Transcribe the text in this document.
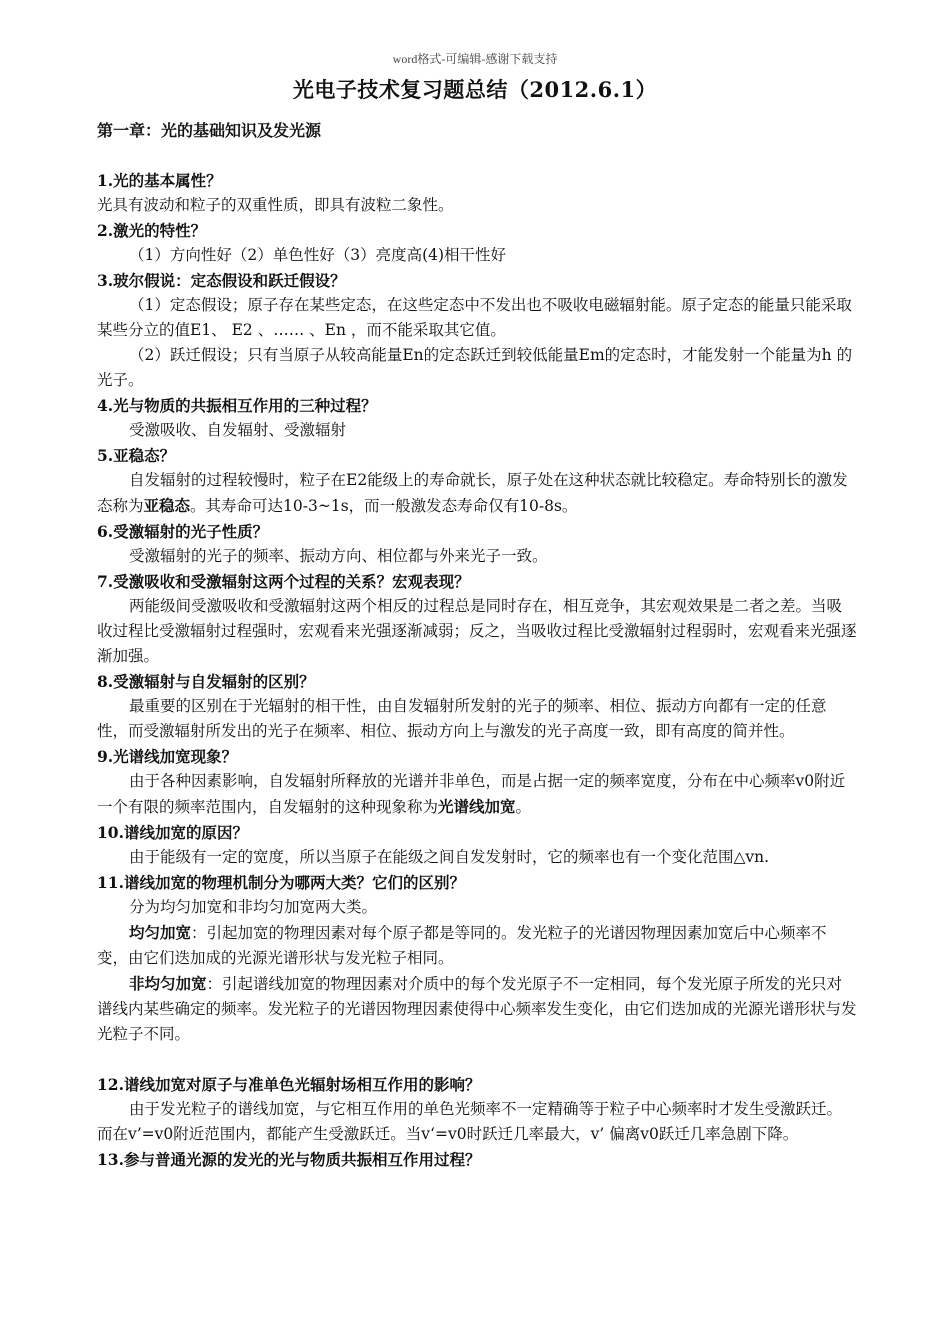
word格式-可编辑-感谢下载支持
光电子技术复习题总结（2012.6.1）
第一章：光的基础知识及发光源
1.光的基本属性？

光具有波动和粒子的双重性质，即具有波粒二象性。

2.激光的特性？

（1）方向性好（2）单色性好（3）亮度高(4)相干性好

3.玻尔假说：定态假设和跃迁假设？

（1）定态假设；原子存在某些定态，在这些定态中不发出也不吸收电磁辐射能。原子定态的能量只能采取某些分立的值E1、 E2 、…… 、En ，而不能采取其它值。

（2）跃迁假设；只有当原子从较高能量En的定态跃迁到较低能量Em的定态时，才能发射一个能量为h 的光子。

4.光与物质的共振相互作用的三种过程？

受激吸收、自发辐射、受激辐射

5.亚稳态？

自发辐射的过程较慢时，粒子在E2能级上的寿命就长，原子处在这种状态就比较稳定。寿命特别长的激发态称为亚稳态。其寿命可达10-3~1s，而一般激发态寿命仅有10-8s。

6.受激辐射的光子性质？

受激辐射的光子的频率、振动方向、相位都与外来光子一致。

7.受激吸收和受激辐射这两个过程的关系？宏观表现？

两能级间受激吸收和受激辐射这两个相反的过程总是同时存在，相互竞争，其宏观效果是二者之差。当吸收过程比受激辐射过程强时，宏观看来光强逐渐减弱；反之，当吸收过程比受激辐射过程弱时，宏观看来光强逐渐加强。

8.受激辐射与自发辐射的区别？

最重要的区别在于光辐射的相干性，由自发辐射所发射的光子的频率、相位、振动方向都有一定的任意性，而受激辐射所发出的光子在频率、相位、振动方向上与激发的光子高度一致，即有高度的简并性。

9.光谱线加宽现象？

由于各种因素影响，自发辐射所释放的光谱并非单色，而是占据一定的频率宽度，分布在中心频率v0附近一个有限的频率范围内，自发辐射的这种现象称为光谱线加宽。

10.谱线加宽的原因？

由于能级有一定的宽度，所以当原子在能级之间自发发射时，它的频率也有一个变化范围△vn.

11.谱线加宽的物理机制分为哪两大类？它们的区别？

分为均匀加宽和非均匀加宽两大类。

均匀加宽：引起加宽的物理因素对每个原子都是等同的。发光粒子的光谱因物理因素加宽后中心频率不变，由它们迭加成的光源光谱形状与发光粒子相同。

非均匀加宽：引起谱线加宽的物理因素对介质中的每个发光原子不一定相同，每个发光原子所发的光只对谱线内某些确定的频率。发光粒子的光谱因物理因素使得中心频率发生变化，由它们迭加成的光源光谱形状与发光粒子不同。

12.谱线加宽对原子与准单色光辐射场相互作用的影响？

由于发光粒子的谱线加宽，与它相互作用的单色光频率不一定精确等于粒子中心频率时才发生受激跃迁。而在v’=v0附近范围内，都能产生受激跃迁。当v‘=v0时跃迁几率最大，v’ 偏离v0跃迁几率急剧下降。

13.参与普通光源的发光的光与物质共振相互作用过程？
